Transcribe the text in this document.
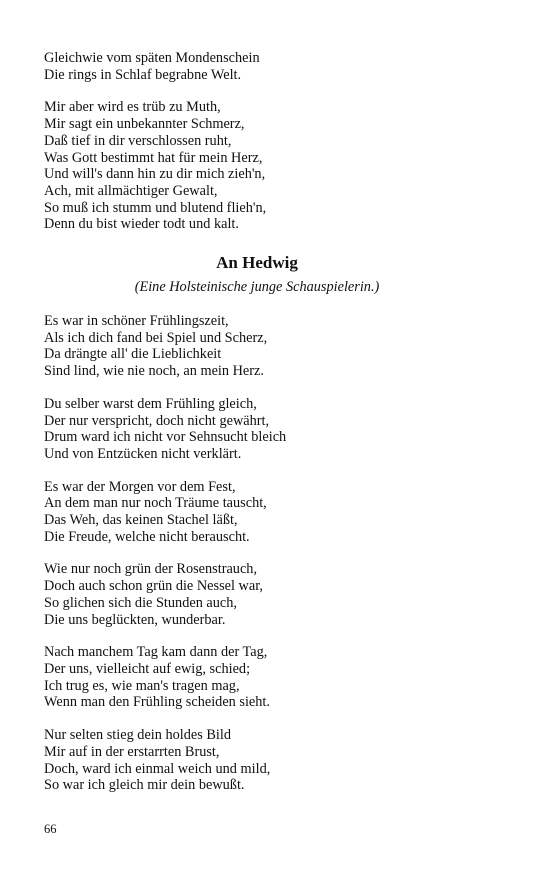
Gleichwie vom späten Mondenschein
Die rings in Schlaf begrabne Welt.
Mir aber wird es trüb zu Muth,
Mir sagt ein unbekannter Schmerz,
Daß tief in dir verschlossen ruht,
Was Gott bestimmt hat für mein Herz,
Und will's dann hin zu dir mich zieh'n,
Ach, mit allmächtiger Gewalt,
So muß ich stumm und blutend flieh'n,
Denn du bist wieder todt und kalt.
An Hedwig
(Eine Holsteinische junge Schauspielerin.)
Es war in schöner Frühlingszeit,
Als ich dich fand bei Spiel und Scherz,
Da drängte all' die Lieblichkeit
Sind lind, wie nie noch, an mein Herz.
Du selber warst dem Frühling gleich,
Der nur verspricht, doch nicht gewährt,
Drum ward ich nicht vor Sehnsucht bleich
Und von Entzücken nicht verklärt.
Es war der Morgen vor dem Fest,
An dem man nur noch Träume tauscht,
Das Weh, das keinen Stachel läßt,
Die Freude, welche nicht berauscht.
Wie nur noch grün der Rosenstrauch,
Doch auch schon grün die Nessel war,
So glichen sich die Stunden auch,
Die uns beglückten, wunderbar.
Nach manchem Tag kam dann der Tag,
Der uns, vielleicht auf ewig, schied;
Ich trug es, wie man's tragen mag,
Wenn man den Frühling scheiden sieht.
Nur selten stieg dein holdes Bild
Mir auf in der erstarrten Brust,
Doch, ward ich einmal weich und mild,
So war ich gleich mir dein bewußt.
66
